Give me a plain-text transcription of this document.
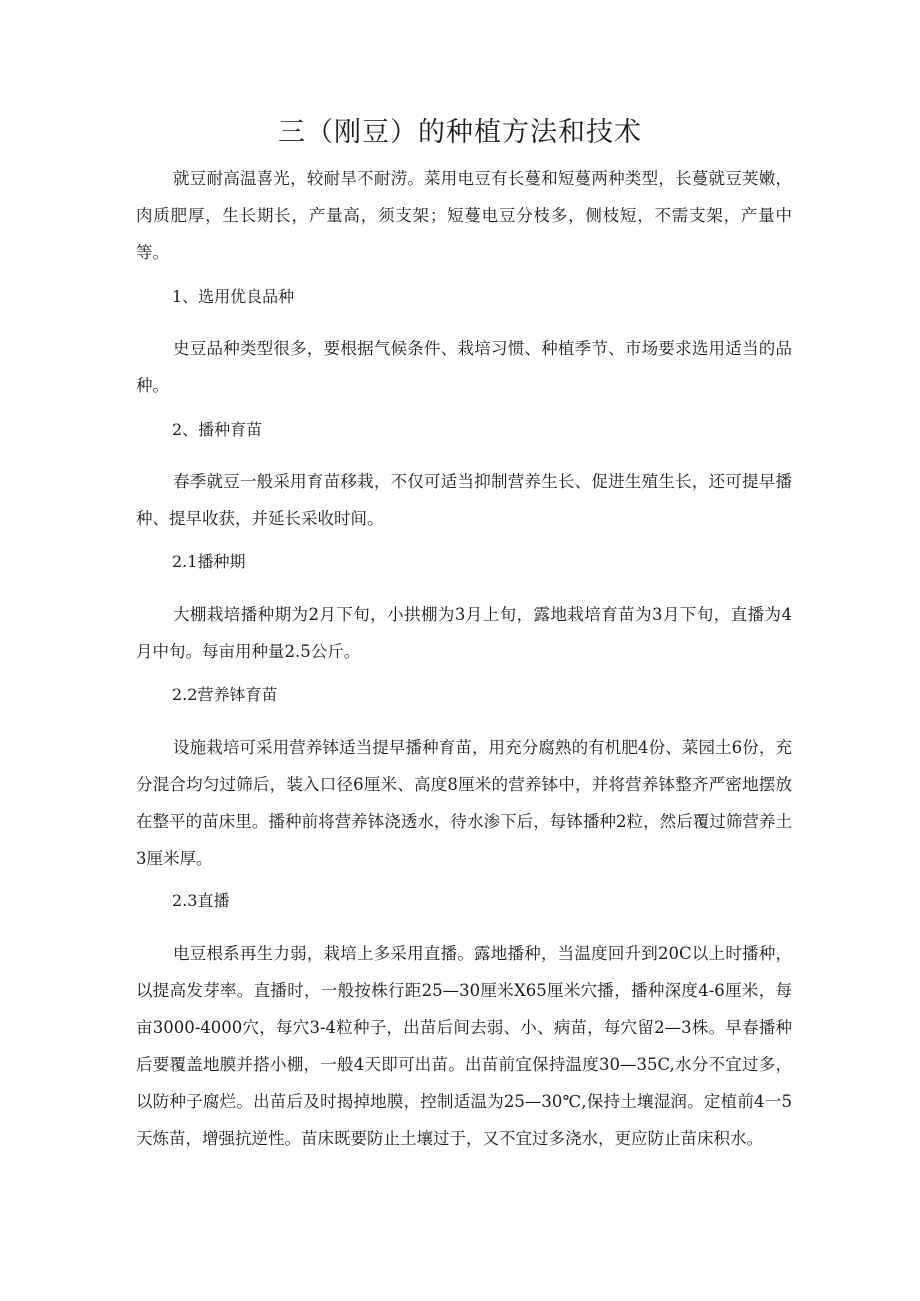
三（刚豆）的种植方法和技术

就豆耐高温喜光，较耐旱不耐涝。菜用电豆有长蔓和短蔓两种类型，长蔓就豆荚嫩，肉质肥厚，生长期长，产量高，须支架；短蔓电豆分枝多，侧枝短，不需支架，产量中等。

1、选用优良品种

史豆品种类型很多，要根据气候条件、栽培习惯、种植季节、市场要求选用适当的品种。

2、播种育苗

春季就豆一般采用育苗移栽，不仅可适当抑制营养生长、促进生殖生长，还可提早播种、提早收获，并延长采收时间。

2.1播种期

大棚栽培播种期为2月下旬，小拱棚为3月上旬，露地栽培育苗为3月下旬，直播为4月中旬。每亩用种量2.5公斤。

2.2营养钵育苗

设施栽培可采用营养钵适当提早播种育苗，用充分腐熟的有机肥4份、菜园土6份，充分混合均匀过筛后，装入口径6厘米、高度8厘米的营养钵中，并将营养钵整齐严密地摆放在整平的苗床里。播种前将营养钵浇透水，待水渗下后，每钵播种2粒，然后覆过筛营养土3厘米厚。

2.3直播

电豆根系再生力弱，栽培上多采用直播。露地播种，当温度回升到20C以上时播种，以提高发芽率。直播时，一般按株行距25—30厘米X65厘米穴播，播种深度4-6厘米，每亩3000-4000穴，每穴3-4粒种子，出苗后间去弱、小、病苗，每穴留2—3株。早春播种后要覆盖地膜并搭小棚，一般4天即可出苗。出苗前宜保持温度30—35C,水分不宜过多，以防种子腐烂。出苗后及时揭掉地膜，控制适温为25—30℃,保持土壤湿润。定植前4一5天炼苗，增强抗逆性。苗床既要防止土壤过于，又不宜过多浇水，更应防止苗床积水。
